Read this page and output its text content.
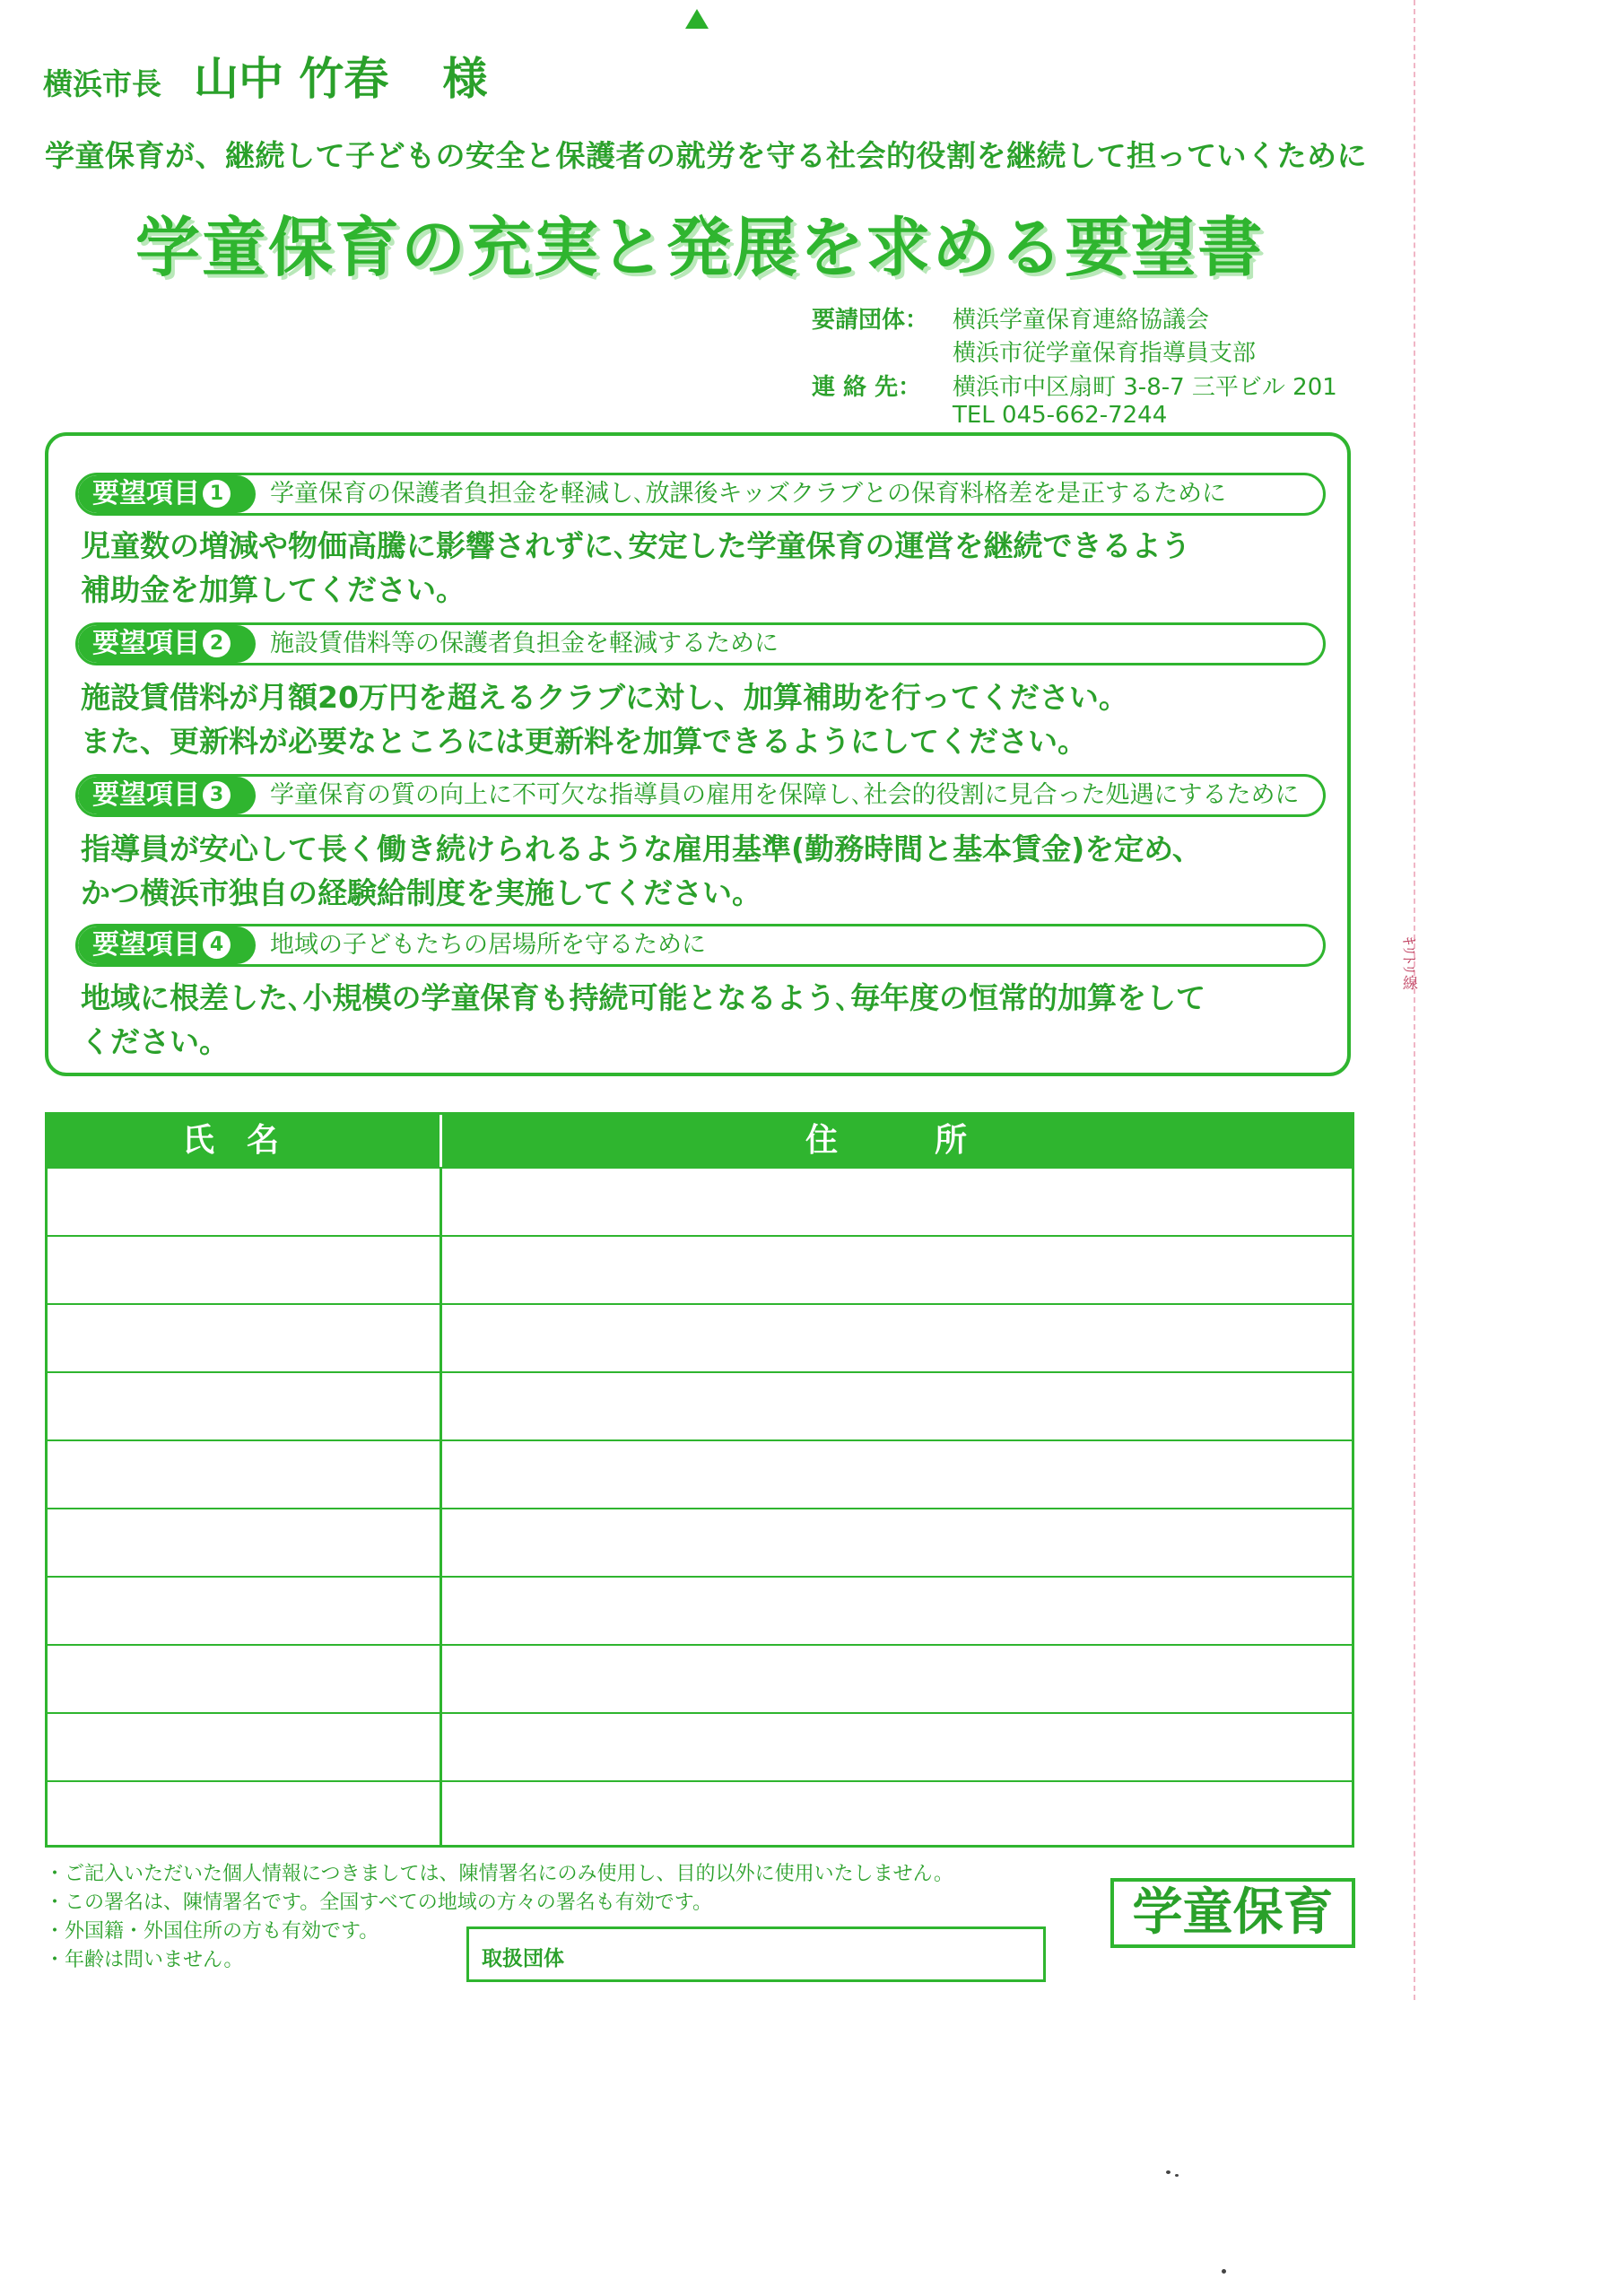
ｷﾘﾄﾘ線
横浜市長 山中 竹春 様
学童保育が、継続して子どもの安全と保護者の就労を守る社会的役割を継続して担っていくために
学童保育の充実と発展を求める要望書
要請団体： 横浜学童保育連絡協議会
横浜市従学童保育指導員支部
連 絡 先： 横浜市中区扇町 3-8-7 三平ビル 201
TEL 045-662-7244
要望項目 1	学童保育の保護者負担金を軽減し､放課後キッズクラブとの保育料格差を是正するために
児童数の増減や物価高騰に影響されずに､安定した学童保育の運営を継続できるよう
補助金を加算してください。
要望項目 2	施設賃借料等の保護者負担金を軽減するために
施設賃借料が月額20万円を超えるクラブに対し、加算補助を行ってください。
また、更新料が必要なところには更新料を加算できるようにしてください。
要望項目 3	学童保育の質の向上に不可欠な指導員の雇用を保障し､社会的役割に見合った処遇にするために
指導員が安心して長く働き続けられるような雇用基準(勤務時間と基本賃金)を定め、
かつ横浜市独自の経験給制度を実施してください。
要望項目 4	地域の子どもたちの居場所を守るために
地域に根差した､小規模の学童保育も持続可能となるよう､毎年度の恒常的加算をして
ください。
氏　名	住　　　所
・ご記入いただいた個人情報につきましては、陳情署名にのみ使用し、目的以外に使用いたしません。
・この署名は、陳情署名です。全国すべての地域の方々の署名も有効です。
・外国籍・外国住所の方も有効です。
・年齢は問いません。	取扱団体
学童保育
